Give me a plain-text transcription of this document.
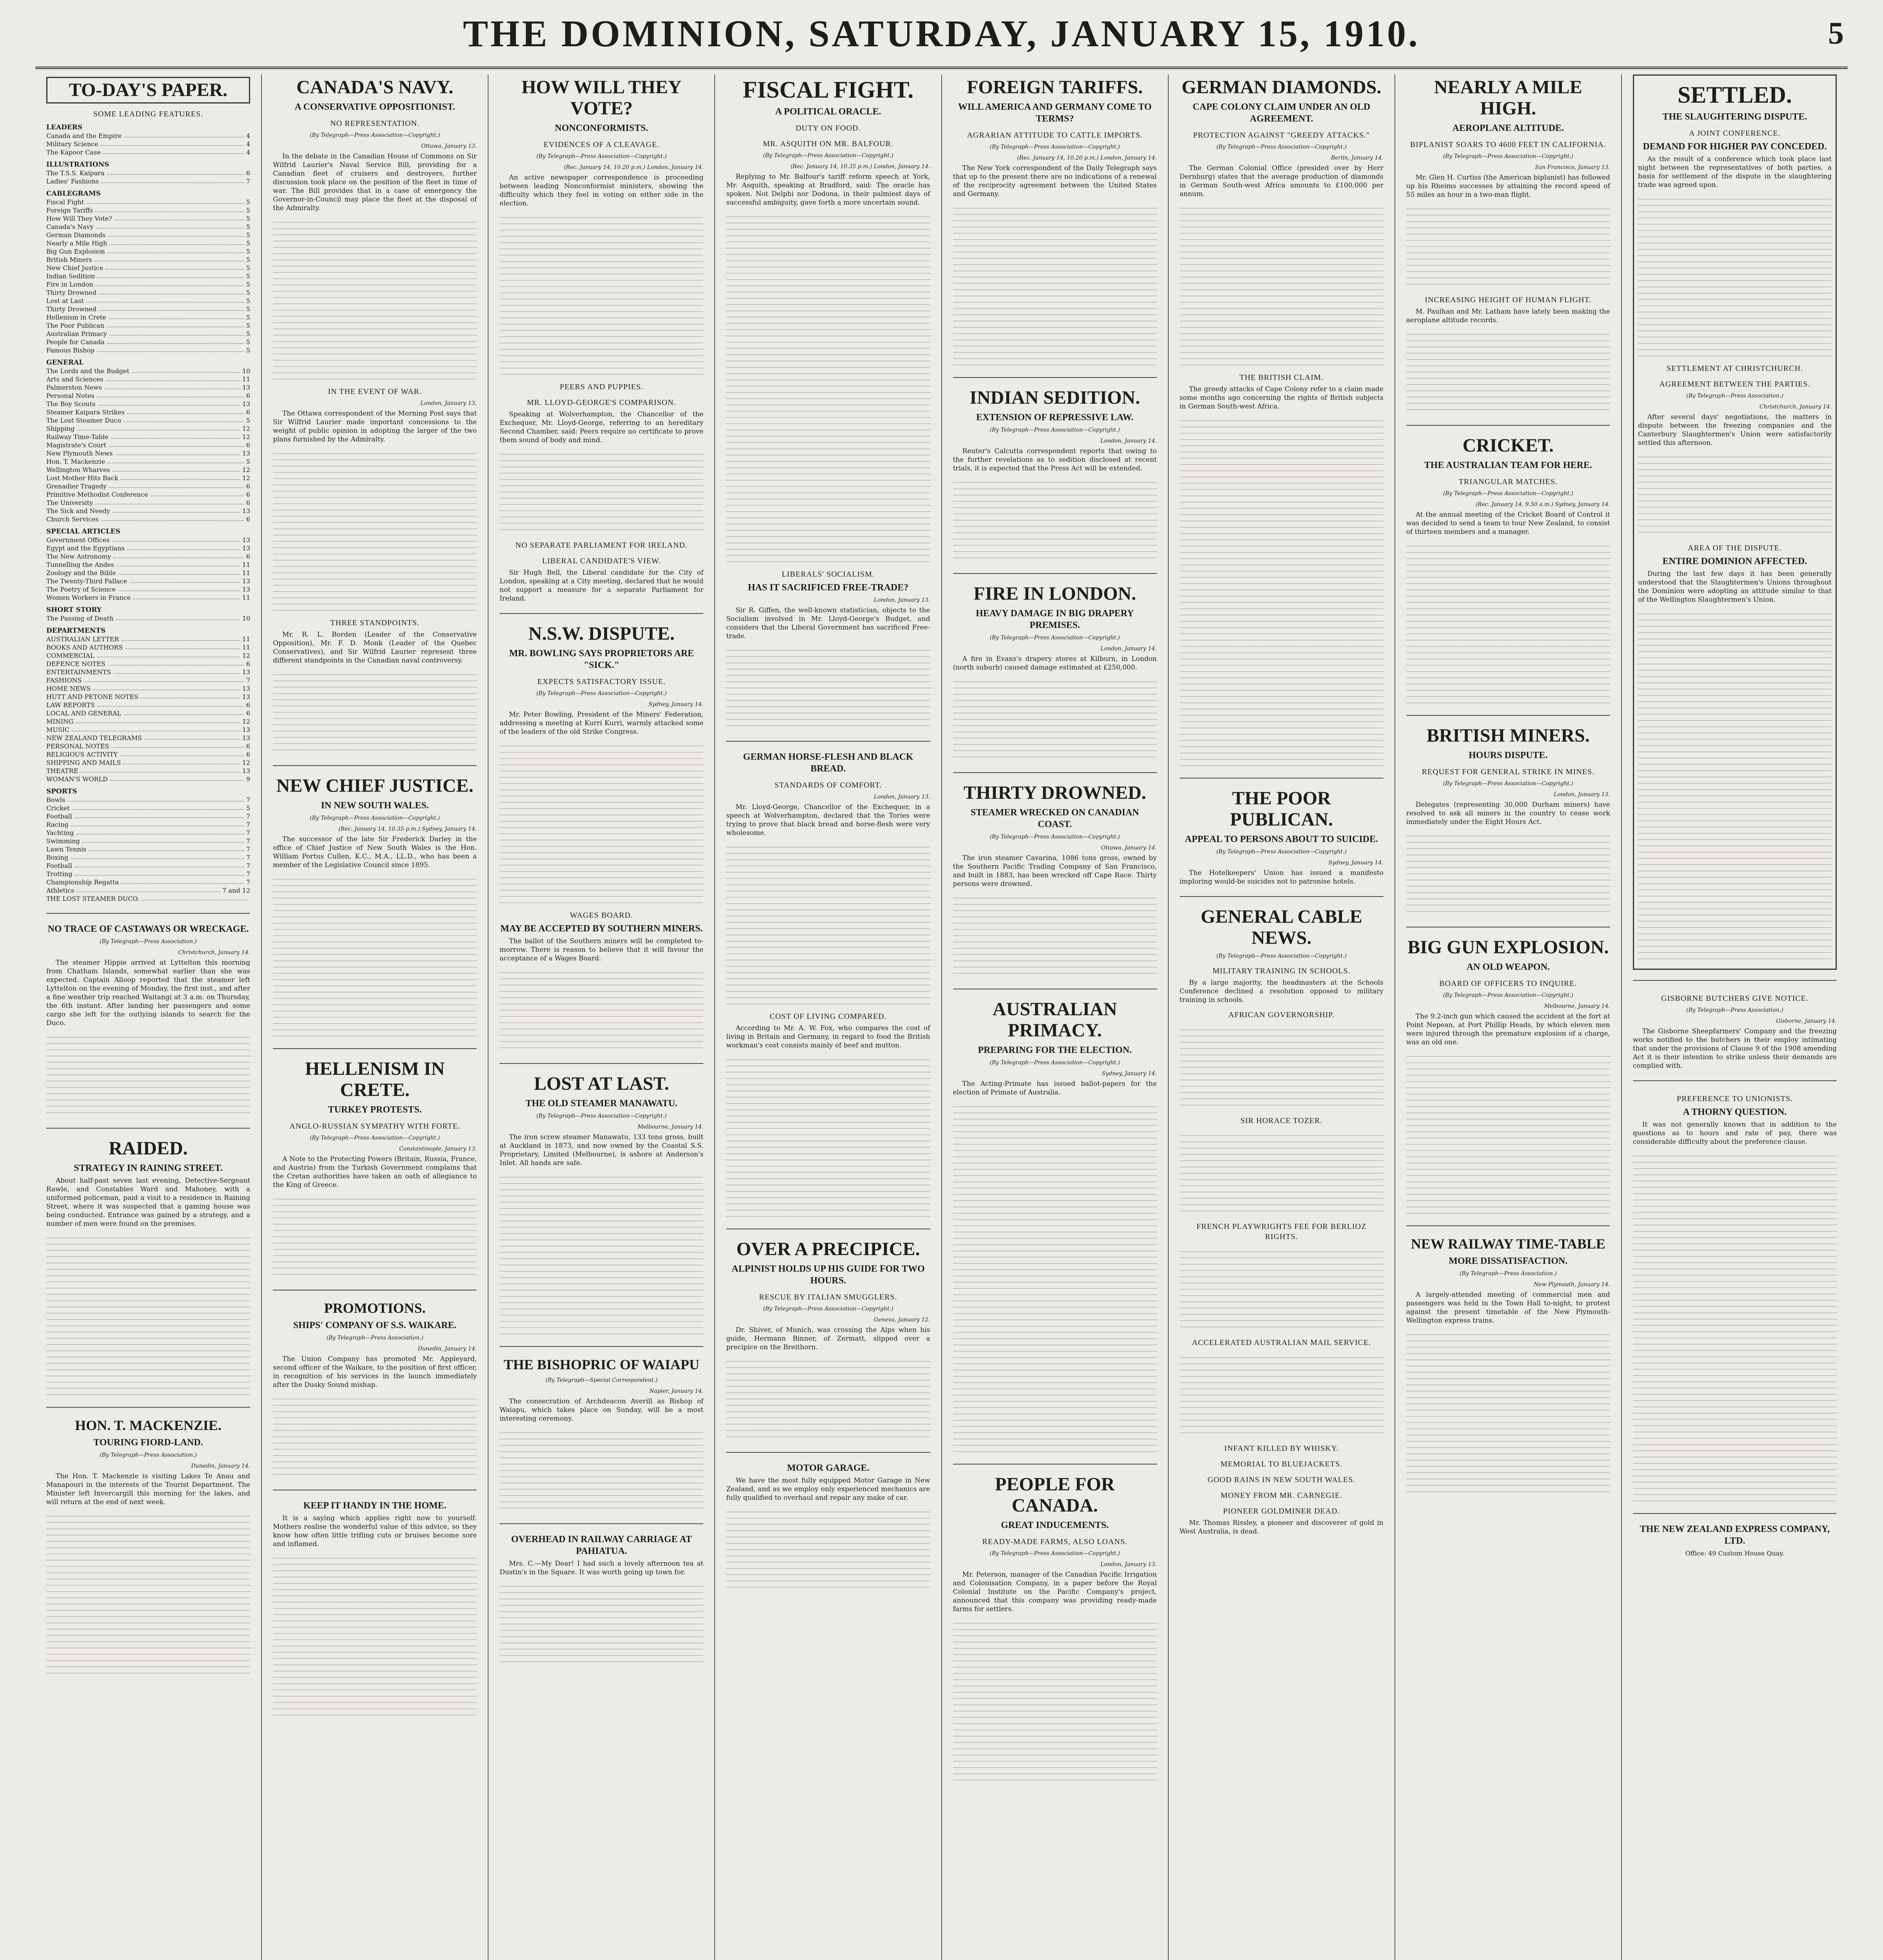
THE DOMINION, SATURDAY, JANUARY 15, 1910.	5
TO-DAY'S PAPER.
SOME LEADING FEATURES.
LEADERS
Canada and the Empire	4
Military Science	4
The Kapoor Case	4
ILLUSTRATIONS
The T.S.S. Kaipara	6
Ladies' Fashions	7
CABLEGRAMS
Fiscal Fight	5
Foreign Tariffs	5
How Will They Vote?	5
Canada's Navy	5
German Diamonds	5
Nearly a Mile High	5
Big Gun Explosion	5
British Miners	5
New Chief Justice	5
Indian Sedition	5
Fire in London	5
Thirty Drowned	5
Lost at Last	5
Thirty Drowned	5
Hellenism in Crete	5
The Poor Publican	5
Australian Primacy	5
People for Canada	5
Famous Bishop	5
GENERAL
The Lords and the Budget	10
Arts and Sciences	11
Palmerston News	13
Personal Notes	6
The Boy Scouts	13
Steamer Kaipara Strikes	6
The Lost Steamer Duco	5
Shipping	12
Railway Time-Table	12
Magistrate's Court	6
New Plymouth News	13
Hon. T. Mackenzie	5
Wellington Wharves	12
Lost Mother Hits Back	12
Grenadier Tragedy	6
Primitive Methodist Conference	6
The University	6
The Sick and Needy	13
Church Services	6
SPECIAL ARTICLES
Government Offices	13
Egypt and the Egyptians	13
The New Astronomy	6
Tunnelling the Andes	11
Zoology and the Bible	11
The Twenty-Third Fallace	13
The Poetry of Science	13
Women Workers in France	11
SHORT STORY
The Passing of Death	10
DEPARTMENTS
AUSTRALIAN LETTER	11
BOOKS AND AUTHORS	11
COMMERCIAL	12
DEFENCE NOTES	6
ENTERTAINMENTS	13
FASHIONS	7
HOME NEWS	13
HUTT AND PETONE NOTES	13
LAW REPORTS	6
LOCAL AND GENERAL	6
MINING	12
MUSIC	13
NEW ZEALAND TELEGRAMS	13
PERSONAL NOTES	6
RELIGIOUS ACTIVITY	6
SHIPPING AND MAILS	12
THEATRE	13
WOMAN'S WORLD	9
SPORTS
Bowls	7
Cricket	5
Football	7
Racing	7
Yachting	7
Swimming	7
Lawn Tennis	7
Boxing	7
Football	7
Trotting	7
Championship Regatta	7
Athletics	7 and 12
THE LOST STEAMER DUCO.
NO TRACE OF CASTAWAYS OR WRECKAGE.
(By Telegraph—Press Association.)
Christchurch, January 14.

The steamer Hippie arrived at Lyttelton this morning from Chatham Islands, somewhat earlier than she was expected. Captain Alloop reported that the steamer left Lyttelton on the evening of Monday, the first inst., and after a fine weather trip reached Waitangi at 3 a.m. on Thursday, the 6th instant. After landing her passengers and some cargo she left for the outlying islands to search for the Duco.

RAIDED.
STRATEGY IN RAINING STREET.

About half-past seven last evening, Detective-Sergeant Rawle, and Constables Ward and Mahoney, with a uniformed policeman, paid a visit to a residence in Raining Street, where it was suspected that a gaming house was being conducted. Entrance was gained by a strategy, and a number of men were found on the premises.

HON. T. MACKENZIE.
TOURING FIORD-LAND.
(By Telegraph—Press Association.)
Dunedin, January 14.

The Hon. T. Mackenzie is visiting Lakes Te Anau and Manapouri in the interests of the Tourist Department. The Minister left Invercargill this morning for the lakes, and will return at the end of next week.

CANADA'S NAVY.
A CONSERVATIVE OPPOSITIONIST.
NO REPRESENTATION.
(By Telegraph—Press Association—Copyright.)
Ottawa, January 13.

In the debate in the Canadian House of Commons on Sir Wilfrid Laurier's Naval Service Bill, providing for a Canadian fleet of cruisers and destroyers, further discussion took place on the position of the fleet in time of war. The Bill provides that in a case of emergency the Governor-in-Council may place the fleet at the disposal of the Admiralty.

IN THE EVENT OF WAR.
London, January 13.

The Ottawa correspondent of the Morning Post says that Sir Wilfrid Laurier made important concessions to the weight of public opinion in adopting the larger of the two plans furnished by the Admiralty.

THREE STANDPOINTS.

Mr. R. L. Borden (Leader of the Conservative Opposition), Mr. F. D. Monk (Leader of the Quebec Conservatives), and Sir Wilfrid Laurier represent three different standpoints in the Canadian naval controversy.

NEW CHIEF JUSTICE.
IN NEW SOUTH WALES.
(By Telegraph—Press Association—Copyright.)
(Rec. January 14, 10.35 p.m.) Sydney, January 14.

The successor of the late Sir Frederick Darley in the office of Chief Justice of New South Wales is the Hon. William Portus Cullen, K.C., M.A., LL.D., who has been a member of the Legislative Council since 1895.

HELLENISM IN CRETE.
TURKEY PROTESTS.
ANGLO-RUSSIAN SYMPATHY WITH FORTE.
(By Telegraph—Press Association—Copyright.)
Constantinople, January 13.

A Note to the Protecting Powers (Britain, Russia, France, and Austria) from the Turkish Government complains that the Cretan authorities have taken an oath of allegiance to the King of Greece.

PROMOTIONS.
SHIPS' COMPANY OF S.S. WAIKARE.
(By Telegraph—Press Association.)
Dunedin, January 14.

The Union Company has promoted Mr. Appleyard, second officer of the Waikare, to the position of first officer, in recognition of his services in the launch immediately after the Dusky Sound mishap.

KEEP IT HANDY IN THE HOME.

It is a saying which applies right now to yourself. Mothers realise the wonderful value of this advice, so they know how often little trifling cuts or bruises become sore and inflamed.

HOW WILL THEY VOTE?
NONCONFORMISTS.
EVIDENCES OF A CLEAVAGE.
(By Telegraph—Press Association—Copyright.)
(Rec. January 14, 10.20 p.m.) London, January 14.

An active newspaper correspondence is proceeding between leading Nonconformist ministers, showing the difficulty which they feel in voting on either side in the election.

PEERS AND PUPPIES.
MR. LLOYD-GEORGE'S COMPARISON.

Speaking at Wolverhampton, the Chancellor of the Exchequer, Mr. Lloyd-George, referring to an hereditary Second Chamber, said: Peers require no certificate to prove them sound of body and mind.

NO SEPARATE PARLIAMENT FOR IRELAND.
LIBERAL CANDIDATE'S VIEW.

Sir Hugh Bell, the Liberal candidate for the City of London, speaking at a City meeting, declared that he would not support a measure for a separate Parliament for Ireland.

N.S.W. DISPUTE.
MR. BOWLING SAYS PROPRIETORS ARE "SICK."
EXPECTS SATISFACTORY ISSUE.
(By Telegraph—Press Association—Copyright.)
Sydney, January 14.

Mr. Peter Bowling, President of the Miners' Federation, addressing a meeting at Kurri Kurri, warmly attacked some of the leaders of the old Strike Congress.

WAGES BOARD.
MAY BE ACCEPTED BY SOUTHERN MINERS.

The ballot of the Southern miners will be completed to-morrow. There is reason to believe that it will favour the acceptance of a Wages Board.

LOST AT LAST.
THE OLD STEAMER MANAWATU.
(By Telegraph—Press Association—Copyright.)
Melbourne, January 14.

The iron screw steamer Manawatu, 133 tons gross, built at Auckland in 1873, and now owned by the Coastal S.S. Proprietary, Limited (Melbourne), is ashore at Anderson's Inlet. All hands are safe.

THE BISHOPRIC OF WAIAPU
(By Telegraph—Special Correspondent.)
Napier, January 14.

The consecration of Archdeacon Averill as Bishop of Waiapu, which takes place on Sunday, will be a most interesting ceremony.

OVERHEAD IN RAILWAY CARRIAGE AT PAHIATUA.

Mrs. C.—My Dear! I had such a lovely afternoon tea at Dustin's in the Square. It was worth going up town for.

FISCAL FIGHT.
A POLITICAL ORACLE.
DUTY ON FOOD.
MR. ASQUITH ON MR. BALFOUR.
(By Telegraph—Press Association—Copyright.)
(Rec. January 14, 10.35 p.m.) London, January 14.

Replying to Mr. Balfour's tariff reform speech at York, Mr. Asquith, speaking at Bradford, said: The oracle has spoken. Not Delphi nor Dodona, in their palmiest days of successful ambiguity, gave forth a more uncertain sound.

LIBERALS' SOCIALISM.
HAS IT SACRIFICED FREE-TRADE?
London, January 13.

Sir R. Giffen, the well-known statistician, objects to the Socialism involved in Mr. Lloyd-George's Budget, and considers that the Liberal Government has sacrificed Free-trade.

GERMAN HORSE-FLESH AND BLACK BREAD.
STANDARDS OF COMFORT.
London, January 13.

Mr. Lloyd-George, Chancellor of the Exchequer, in a speech at Wolverhampton, declared that the Tories were trying to prove that black bread and horse-flesh were very wholesome.

COST OF LIVING COMPARED.

According to Mr. A. W. Fox, who compares the cost of living in Britain and Germany, in regard to food the British workman's cost consists mainly of beef and mutton.

OVER A PRECIPICE.
ALPINIST HOLDS UP HIS GUIDE FOR TWO HOURS.
RESCUE BY ITALIAN SMUGGLERS.
(By Telegraph—Press Association—Copyright.)
Geneva, January 12.

Dr. Shiver, of Munich, was crossing the Alps when his guide, Hermann Binner, of Zermatt, slipped over a precipice on the Breithorn.

MOTOR GARAGE.

We have the most fully equipped Motor Garage in New Zealand, and as we employ only experienced mechanics are fully qualified to overhaul and repair any make of car.

FOREIGN TARIFFS.
WILL AMERICA AND GERMANY COME TO TERMS?
AGRARIAN ATTITUDE TO CATTLE IMPORTS.
(By Telegraph—Press Association—Copyright.)
(Rec. January 14, 10.20 p.m.) London, January 14.

The New York correspondent of the Daily Telegraph says that up to the present there are no indications of a renewal of the reciprocity agreement between the United States and Germany.

INDIAN SEDITION.
EXTENSION OF REPRESSIVE LAW.
(By Telegraph—Press Association—Copyright.)
London, January 14.

Reuter's Calcutta correspondent reports that owing to the further revelations as to sedition disclosed at recent trials, it is expected that the Press Act will be extended.

FIRE IN LONDON.
HEAVY DAMAGE IN BIG DRAPERY PREMISES.
(By Telegraph—Press Association—Copyright.)
London, January 14.

A fire in Evans's drapery stores at Kilburn, in London (north suburb) caused damage estimated at £250,000.

THIRTY DROWNED.
STEAMER WRECKED ON CANADIAN COAST.
(By Telegraph—Press Association—Copyright.)
Ottawa, January 14.

The iron steamer Cavarina, 1086 tons gross, owned by the Southern Pacific Trading Company of San Francisco, and built in 1883, has been wrecked off Cape Race. Thirty persons were drowned.

AUSTRALIAN PRIMACY.
PREPARING FOR THE ELECTION.
(By Telegraph—Press Association—Copyright.)
Sydney, January 14.

The Acting-Primate has issued ballot-papers for the election of Primate of Australia.

PEOPLE FOR CANADA.
GREAT INDUCEMENTS.
READY-MADE FARMS, ALSO LOANS.
(By Telegraph—Press Association—Copyright.)
London, January 13.

Mr. Peterson, manager of the Canadian Pacific Irrigation and Colonisation Company, in a paper before the Royal Colonial Institute on the Pacific Company's project, announced that this company was providing ready-made farms for settlers.

GERMAN DIAMONDS.
CAPE COLONY CLAIM UNDER AN OLD AGREEMENT.
PROTECTION AGAINST "GREEDY ATTACKS."
(By Telegraph—Press Association—Copyright.)
Berlin, January 14.

The German Colonial Office (presided over by Herr Dernburg) states that the average production of diamonds in German South-west Africa amounts to £100,000 per annum.

THE BRITISH CLAIM.

The greedy attacks of Cape Colony refer to a claim made some months ago concerning the rights of British subjects in German South-west Africa.

THE POOR PUBLICAN.
APPEAL TO PERSONS ABOUT TO SUICIDE.
(By Telegraph—Press Association—Copyright.)
Sydney, January 14.

The Hotelkeepers' Union has issued a manifesto imploring would-be suicides not to patronise hotels.

GENERAL CABLE NEWS.
(By Telegraph—Press Association—Copyright.)
MILITARY TRAINING IN SCHOOLS.

By a large majority, the headmasters at the Schools Conference declined a resolution opposed to military training in schools.

AFRICAN GOVERNORSHIP.
SIR HORACE TOZER.
FRENCH PLAYWRIGHTS FEE FOR BERLIOZ RIGHTS.
ACCELERATED AUSTRALIAN MAIL SERVICE.
INFANT KILLED BY WHISKY.
MEMORIAL TO BLUEJACKETS.
GOOD RAINS IN NEW SOUTH WALES.
MONEY FROM MR. CARNEGIE.
PIONEER GOLDMINER DEAD.

Mr. Thomas Rissley, a pioneer and discoverer of gold in West Australia, is dead.

NEARLY A MILE HIGH.
AEROPLANE ALTITUDE.
BIPLANIST SOARS TO 4600 FEET IN CALIFORNIA.
(By Telegraph—Press Association—Copyright.)
San Francisco, January 13.

Mr. Glen H. Curtiss (the American biplanist) has followed up his Rheims successes by attaining the record speed of 55 miles an hour in a two-man flight.

INCREASING HEIGHT OF HUMAN FLIGHT.

M. Paulhan and Mr. Latham have lately been making the aeroplane altitude records.

CRICKET.
THE AUSTRALIAN TEAM FOR HERE.
TRIANGULAR MATCHES.
(By Telegraph—Press Association—Copyright.)
(Rec. January 14, 9.50 a.m.) Sydney, January 14.

At the annual meeting of the Cricket Board of Control it was decided to send a team to tour New Zealand, to consist of thirteen members and a manager.

BRITISH MINERS.
HOURS DISPUTE.
REQUEST FOR GENERAL STRIKE IN MINES.
(By Telegraph—Press Association—Copyright.)
London, January 13.

Delegates (representing 30,000 Durham miners) have resolved to ask all miners in the country to cease work immediately under the Eight Hours Act.

BIG GUN EXPLOSION.
AN OLD WEAPON.
BOARD OF OFFICERS TO INQUIRE.
(By Telegraph—Press Association—Copyright.)
Melbourne, January 14.

The 9.2-inch gun which caused the accident at the fort at Point Nepean, at Port Phillip Heads, by which eleven men were injured through the premature explosion of a charge, was an old one.

NEW RAILWAY TIME-TABLE
MORE DISSATISFACTION.
(By Telegraph—Press Association.)
New Plymouth, January 14.

A largely-attended meeting of commercial men and passengers was held in the Town Hall to-night, to protest against the present timetable of the New Plymouth-Wellington express trains.

SETTLED.
THE SLAUGHTERING DISPUTE.
A JOINT CONFERENCE.
DEMAND FOR HIGHER PAY CONCEDED.

As the result of a conference which took place last night between the representatives of both parties, a basis for settlement of the dispute in the slaughtering trade was agreed upon.

SETTLEMENT AT CHRISTCHURCH.
AGREEMENT BETWEEN THE PARTIES.
(By Telegraph—Press Association.)
Christchurch, January 14.

After several days' negotiations, the matters in dispute between the freezing companies and the Canterbury Slaughtermen's Union were satisfactorily settled this afternoon.

AREA OF THE DISPUTE.
ENTIRE DOMINION AFFECTED.

During the last few days it has been generally understood that the Slaughtermen's Unions throughout the Dominion were adopting an attitude similar to that of the Wellington Slaughtermen's Union.

GISBORNE BUTCHERS GIVE NOTICE.
(By Telegraph—Press Association.)
Gisborne, January 14.

The Gisborne Sheepfarmers' Company and the freezing works notified to the butchers in their employ intimating that under the provisions of Clause 9 of the 1908 amending Act it is their intention to strike unless their demands are complied with.

PREFERENCE TO UNIONISTS.
A THORNY QUESTION.

It was not generally known that in addition to the questions as to hours and rate of pay, there was considerable difficulty about the preference clause.

THE NEW ZEALAND EXPRESS COMPANY, LTD.
Office: 49 Custom House Quay.
